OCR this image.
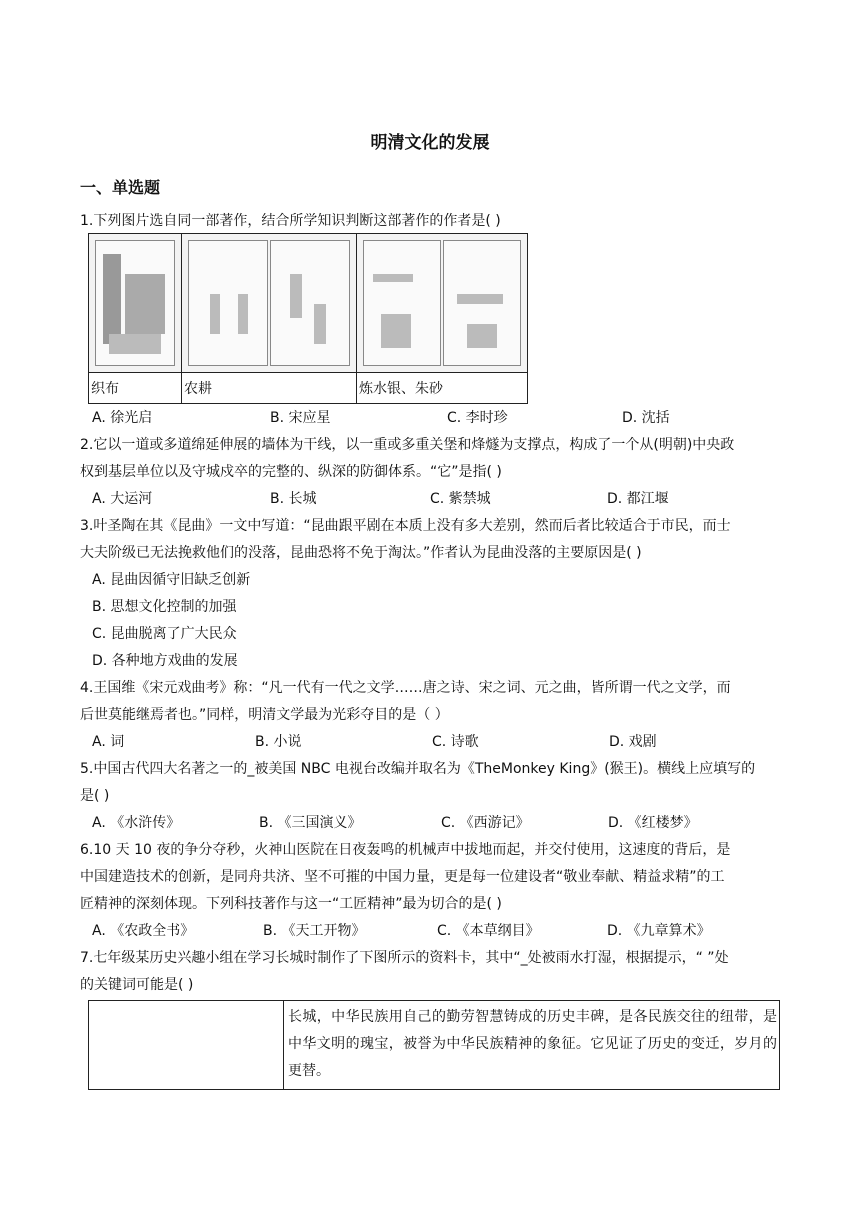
明清文化的发展
一、单选题
1.下列图片选自同一部著作，结合所学知识判断这部著作的作者是( )

织布	农耕	炼水银、朱砂
A. 徐光启	B. 宋应星	C. 李时珍	D. 沈括
2.它以一道或多道绵延伸展的墙体为干线，以一重或多重关堡和烽燧为支撑点，构成了一个从(明朝)中央政
权到基层单位以及守城戍卒的完整的、纵深的防御体系。“它”是指( )
A. 大运河	B. 长城	C. 紫禁城	D. 都江堰
3.叶圣陶在其《昆曲》一文中写道：“昆曲跟平剧在本质上没有多大差别，然而后者比较适合于市民，而士
大夫阶级已无法挽救他们的没落，昆曲恐将不免于淘汰。”作者认为昆曲没落的主要原因是( )
A. 昆曲因循守旧缺乏创新
B. 思想文化控制的加强
C. 昆曲脱离了广大民众
D. 各种地方戏曲的发展
4.王国维《宋元戏曲考》称：“凡一代有一代之文学……唐之诗、宋之词、元之曲，皆所谓一代之文学，而
后世莫能继焉者也。”同样，明清文学最为光彩夺目的是（ ）
A. 词	B. 小说	C. 诗歌	D. 戏剧
5.中国古代四大名著之一的_被美国 NBC 电视台改编并取名为《TheMonkey King》(猴王)。横线上应填写的
是( )
A. 《水浒传》	B. 《三国演义》	C. 《西游记》	D. 《红楼梦》
6.10 天 10 夜的争分夺秒，火神山医院在日夜轰鸣的机械声中拔地而起，并交付使用，这速度的背后，是
中国建造技术的创新，是同舟共济、坚不可摧的中国力量，更是每一位建设者“敬业奉献、精益求精”的工
匠精神的深刻体现。下列科技著作与这一“工匠精神”最为切合的是( )
A. 《农政全书》	B. 《天工开物》	C. 《本草纲目》	D. 《九章算术》
7.七年级某历史兴趣小组在学习长城时制作了下图所示的资料卡，其中“_处被雨水打湿，根据提示，“ ”处
的关键词可能是( )
	长城，中华民族用自己的勤劳智慧铸成的历史丰碑，是各民族交往的纽带，是中华文明的瑰宝，被誉为中华民族精神的象征。它见证了历史的变迁，岁月的更替。
